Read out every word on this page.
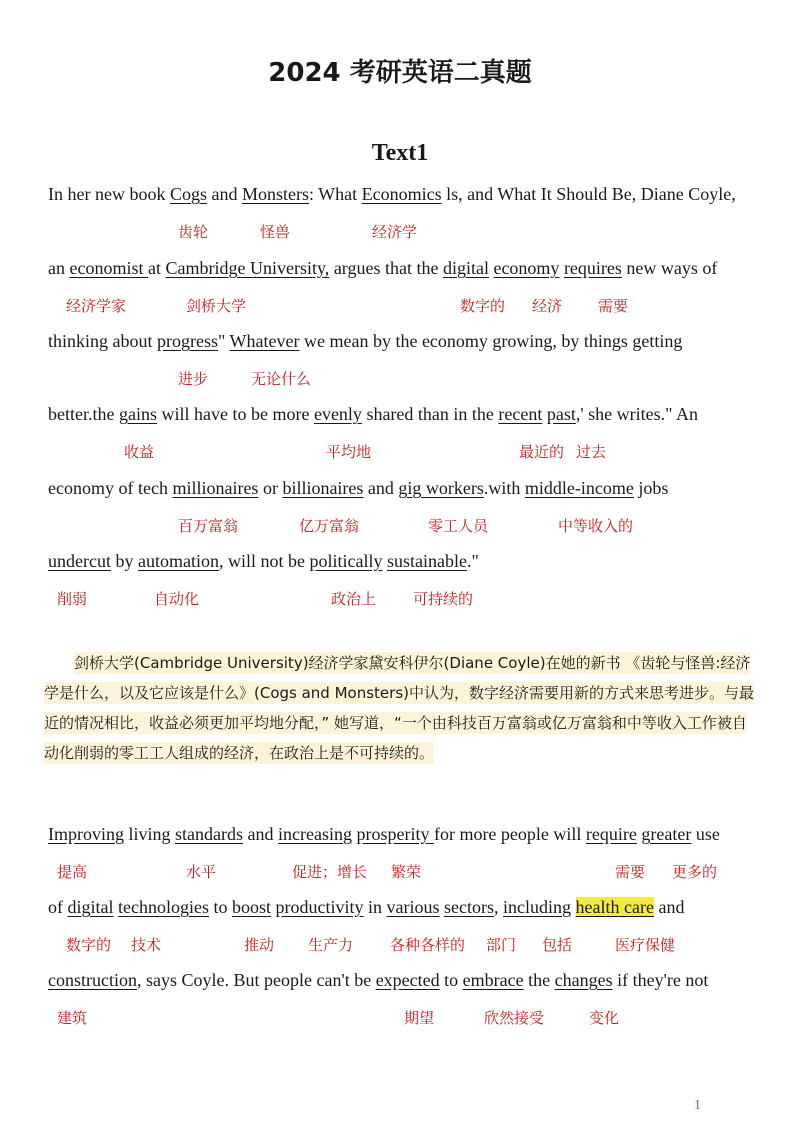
2024 考研英语二真题
Text1
In her new book Cogs and Monsters: What Economics ls, and What It Should Be, Diane Coyle,
齿轮	怪兽	经济学
an economist at Cambridge University, argues that the digital economy requires new ways of
经济学家	剑桥大学	数字的 经济 需要
thinking about progress" Whatever we mean by the economy growing, by things getting
进步	无论什么
better.the gains will have to be more evenly shared than in the recent past,' she writes." An
收益	平均地	最近的 过去
economy of tech millionaires or billionaires and gig workers.with middle-income jobs
百万富翁	亿万富翁	零工人员	中等收入的
undercut by automation, will not be politically sustainable."
削弱	自动化	政治上 可持续的
Improving living standards and increasing prosperity for more people will require greater use
提高	水平	促进；增长 繁荣	需要 更多的
of digital technologies to boost productivity in various sectors, including health care and
数字的 技术	推动 生产力 各种各样的 部门 包括	医疗保健
construction, says Coyle. But people can't be expected to embrace the changes if they're not
建筑	期望	欣然接受	变化
剑桥大学(Cambridge University)经济学家黛安科伊尔(Diane Coyle)在她的新书 《齿轮与怪兽:经济学是什么，以及它应该是什么》(Cogs and Monsters)中认为，数字经济需要用新的方式来思考进步。与最近的情况相比，收益必须更加平均地分配，” 她写道，“一个由科技百万富翁或亿万富翁和中等收入工作被自动化削弱的零工工人组成的经济，在政治上是不可持续的。
1
